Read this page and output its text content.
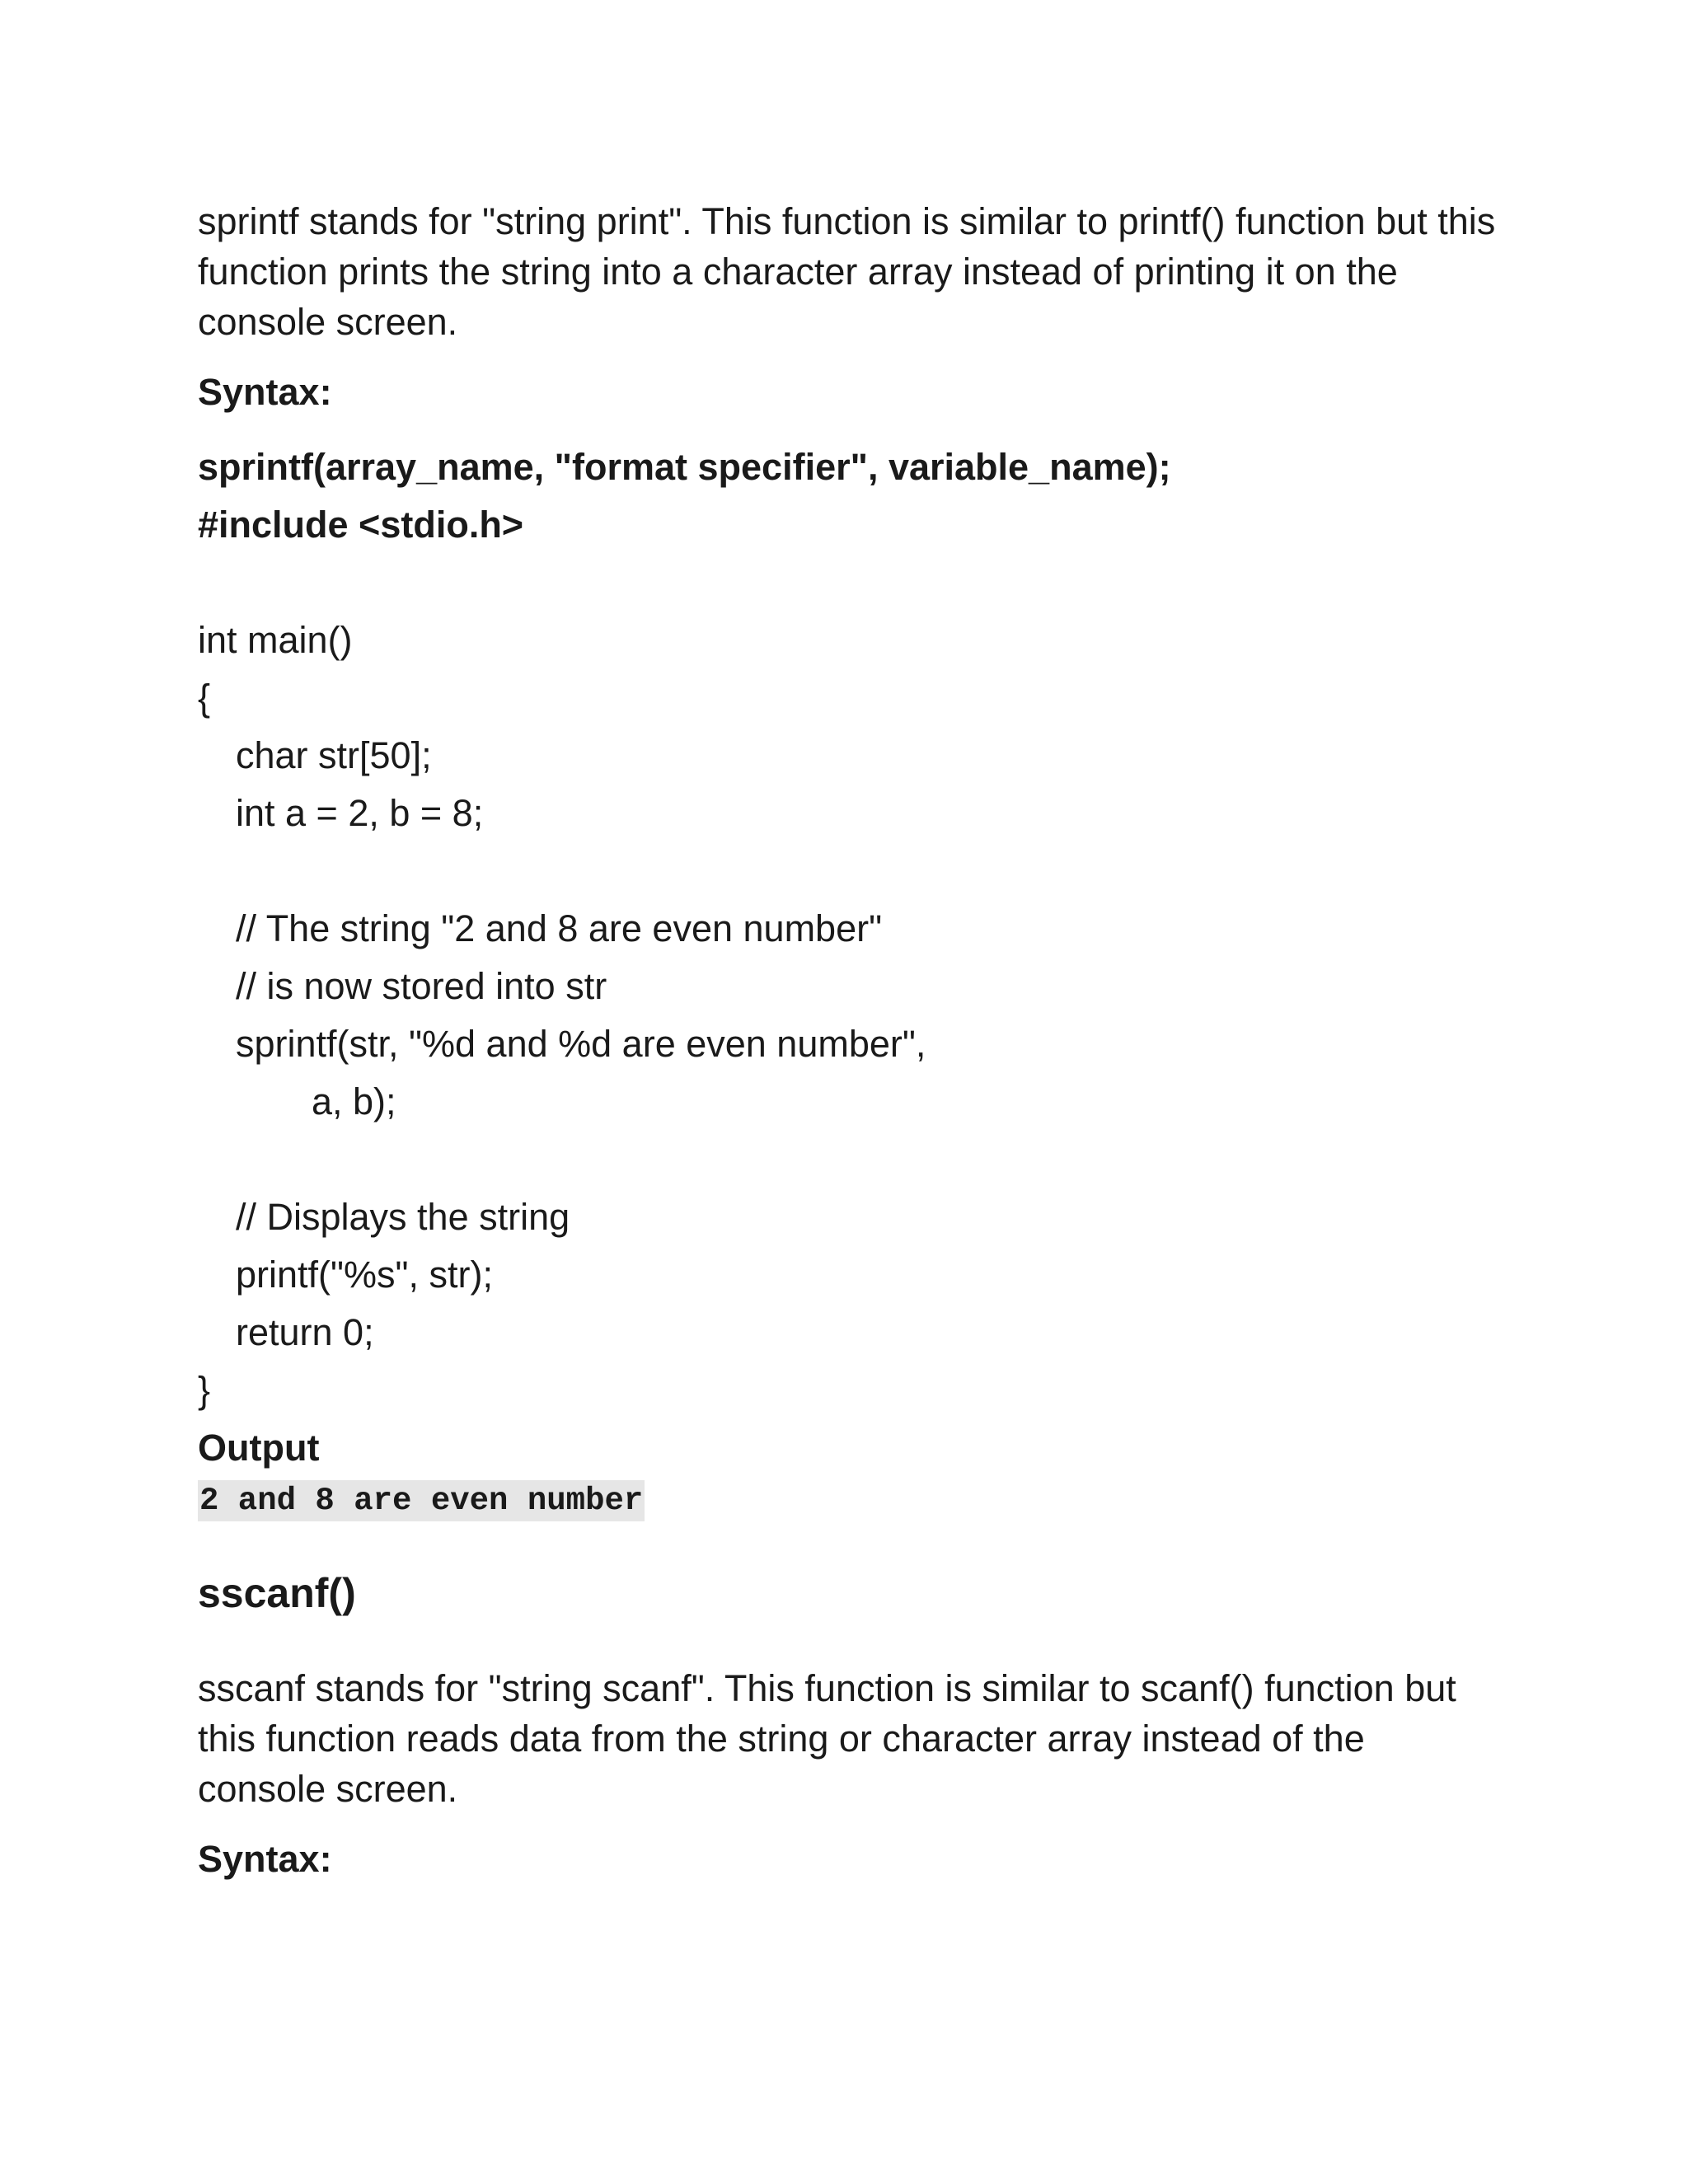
sprintf stands for "string print". This function is similar to printf() function but this function prints the string into a character array instead of printing it on the console screen.

Syntax:

sprintf(array_name, "format specifier", variable_name);
#include <stdio.h>
int main()
{
char str[50];
int a = 2, b = 8;
// The string "2 and 8 are even number"
// is now stored into str
sprintf(str, "%d and %d are even number",
a, b);
// Displays the string
printf("%s", str);
return 0;
}

Output

2 and 8 are even number
sscanf()

sscanf stands for "string scanf". This function is similar to scanf() function but this function reads data from the string or character array instead of the console screen.

Syntax:
